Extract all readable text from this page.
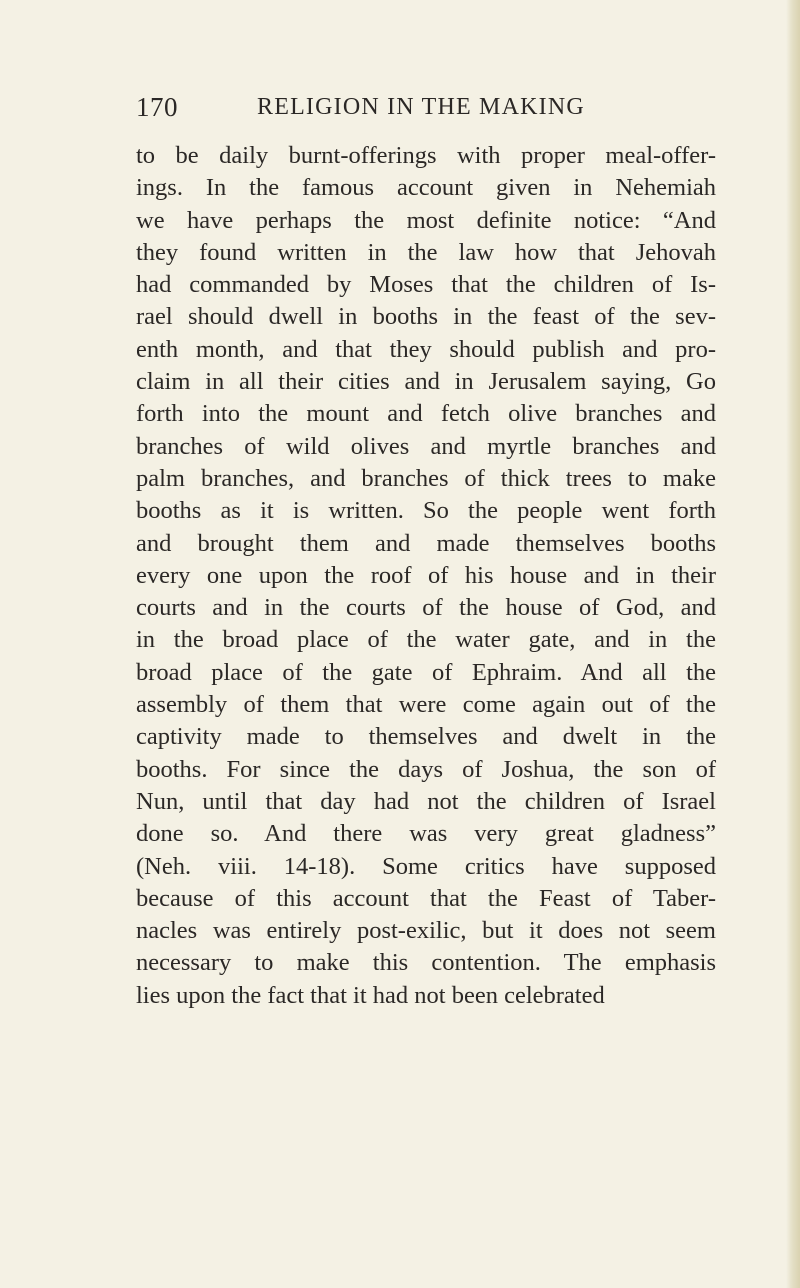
170	RELIGION IN THE MAKING
to be daily burnt-offerings with proper meal-offer-
ings. In the famous account given in Nehemiah
we have perhaps the most definite notice: “And
they found written in the law how that Jehovah
had commanded by Moses that the children of Is-
rael should dwell in booths in the feast of the sev-
enth month, and that they should publish and pro-
claim in all their cities and in Jerusalem saying, Go
forth into the mount and fetch olive branches and
branches of wild olives and myrtle branches and
palm branches, and branches of thick trees to make
booths as it is written. So the people went forth
and brought them and made themselves booths
every one upon the roof of his house and in their
courts and in the courts of the house of God, and
in the broad place of the water gate, and in the
broad place of the gate of Ephraim. And all the
assembly of them that were come again out of the
captivity made to themselves and dwelt in the
booths. For since the days of Joshua, the son of
Nun, until that day had not the children of Israel
done so. And there was very great gladness”
(Neh. viii. 14-18). Some critics have supposed
because of this account that the Feast of Taber-
nacles was entirely post-exilic, but it does not seem
necessary to make this contention. The emphasis
lies upon the fact that it had not been celebrated
